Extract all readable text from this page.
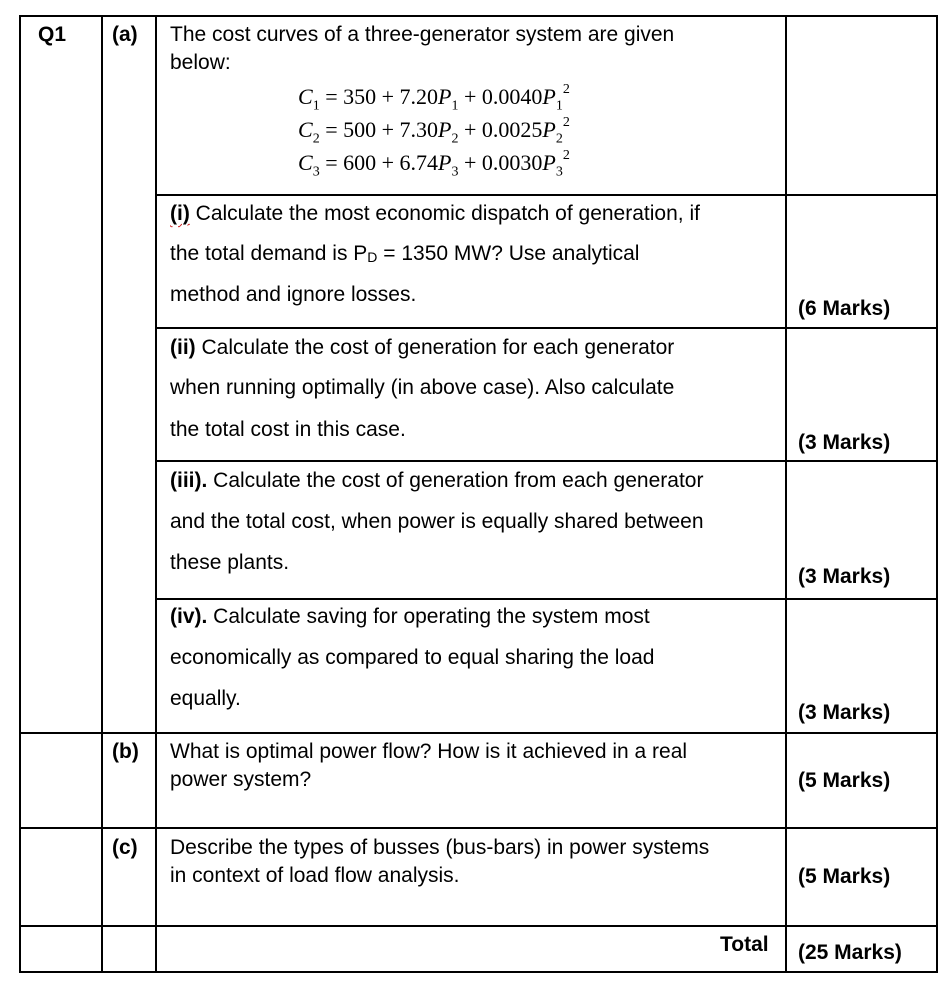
Q1 (a)
(b)
(c)
The cost curves of a three-generator system are given
below:
$C_1 = 350 + 7.20P_1 + 0.0040P_1^2$
$C_2 = 500 + 7.30P_2 + 0.0025P_2^2$
$C_3 = 600 + 6.74P_3 + 0.0030P_3^2$
(i) Calculate the most economic dispatch of generation, if
the total demand is PD = 1350 MW? Use analytical
method and ignore losses.
(6 Marks)
(ii) Calculate the cost of generation for each generator
when running optimally (in above case). Also calculate
the total cost in this case.
(3 Marks)
(iii). Calculate the cost of generation from each generator
and the total cost, when power is equally shared between
these plants.
(3 Marks)
(iv). Calculate saving for operating the system most
economically as compared to equal sharing the load
equally.
(3 Marks)
What is optimal power flow? How is it achieved in a real
power system?	(5 Marks)
Describe the types of busses (bus-bars) in power systems
in context of load flow analysis.	(5 Marks)
Total (25 Marks)
